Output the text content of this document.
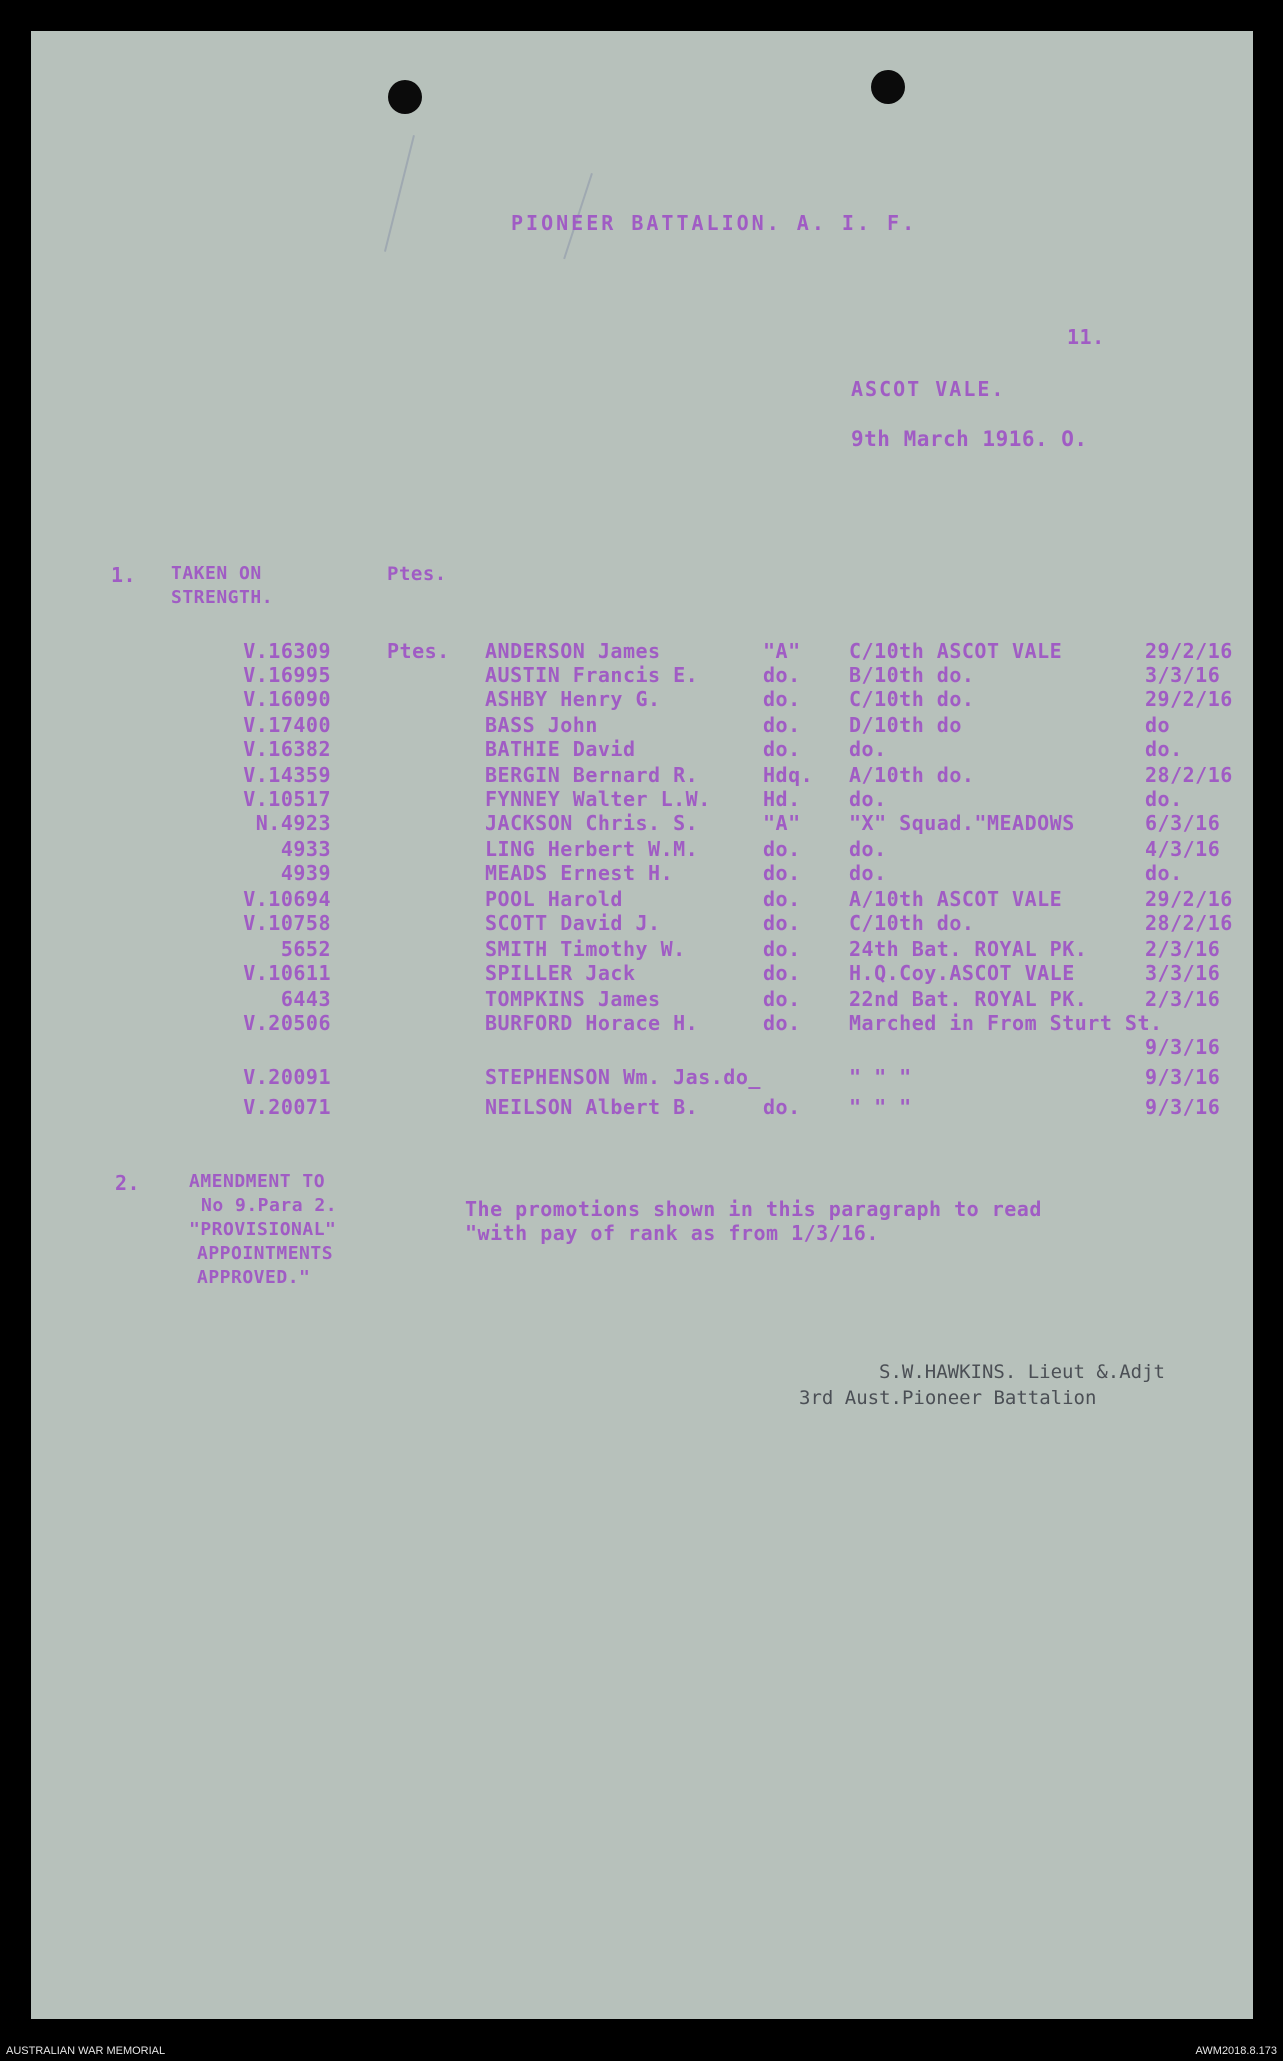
PIONEER BATTALION. A. I. F.
11.
ASCOT VALE.
9th March 1916. O.
1. TAKEN ON
STRENGTH.
Ptes.
V.16309	Ptes. ANDERSON James	"A" C/10th ASCOT VALE	29/2/16
V.16995	AUSTIN Francis E.	do. B/10th do.	3/3/16
V.16090	ASHBY Henry G.	do. C/10th do.	29/2/16
V.17400	BASS John	do. D/10th do	do
V.16382	BATHIE David	do. do.	do.
V.14359	BERGIN Bernard R.	Hdq. A/10th do.	28/2/16
V.10517	FYNNEY Walter L.W.	Hd. do.	do.
N.4923	JACKSON Chris. S.	"A" "X" Squad."MEADOWS	6/3/16
4933	LING Herbert W.M.	do. do.	4/3/16
4939	MEADS Ernest H.	do. do.	do.
V.10694	POOL Harold	do. A/10th ASCOT VALE	29/2/16
V.10758	SCOTT David J.	do. C/10th do.	28/2/16
5652	SMITH Timothy W.	do. 24th Bat. ROYAL PK.	2/3/16
V.10611	SPILLER Jack	do. H.Q.Coy.ASCOT VALE	3/3/16
6443	TOMPKINS James	do. 22nd Bat. ROYAL PK.	2/3/16
V.20506	BURFORD Horace H.	do. Marched in From Sturt St.
9/3/16
V.20091	STEPHENSON Wm. Jas.do_	" " "	9/3/16
V.20071	NEILSON Albert B.	do. " " "	9/3/16
2.	AMENDMENT TO
No 9.Para 2.
"PROVISIONAL"
APPOINTMENTS
APPROVED."
The promotions shown in this paragraph to read
"with pay of rank as from 1/3/16.
S.W.HAWKINS. Lieut &.Adjt
3rd Aust.Pioneer Battalion
AUSTRALIAN WAR MEMORIAL	AWM2018.8.173
